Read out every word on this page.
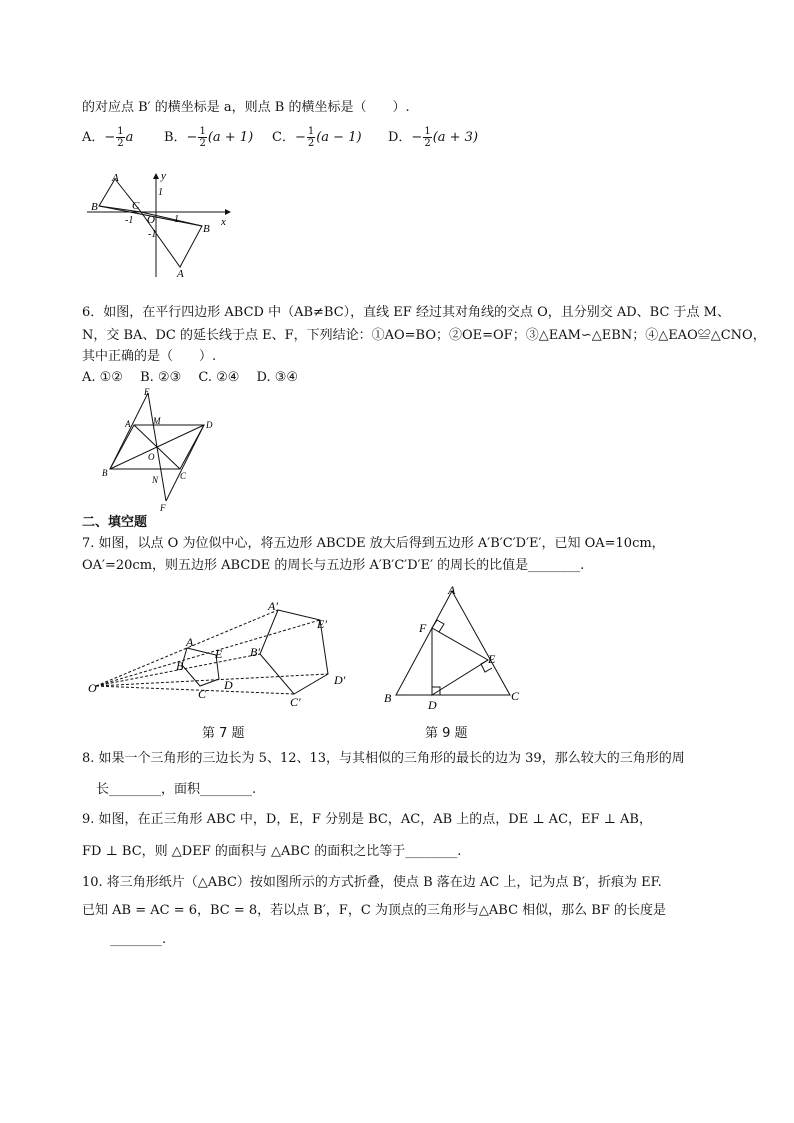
的对应点 B′ 的横坐标是 a，则点 B 的横坐标是（　　）.
A．− $\frac{1}{2}$ a B．− $\frac{1}{2} (a + 1)$ C．− $\frac{1}{2} (a - 1)$ D．− $\frac{1}{2} (a + 3)$
A
B	C
O
1
1
-1
-1
y
x
B
A
6．如图，在平行四边形 ABCD 中（AB≠BC），直线 EF 经过其对角线的交点 O，且分别交 AD、BC 于点 M、
N，交 BA、DC 的延长线于点 E、F，下列结论：①AO=BO；②OE=OF；③△EAM∽△EBN；④△EAO≌△CNO，
其中正确的是（　　）.
A. ①②　 B. ②③　 C. ②④　 D. ③④
E
A	M	D
O
B	C
N
F
二、填空题
7. 如图，以点 O 为位似中心，将五边形 ABCDE 放大后得到五边形 A′B′C′D′E′，已知 OA=10cm，
OA′=20cm，则五边形 ABCDE 的周长与五边形 A′B′C′D′E′ 的周长的比值是________.
O
A
E
B
C
D
A′
E′
B′
D′
C′
第 7 题
A
F
E
B	D
C
第 9 题
8. 如果一个三角形的三边长为 5、12、13，与其相似的三角形的最长的边为 39，那么较大的三角形的周
长________，面积________.
9. 如图，在正三角形 ABC 中，D，E，F 分别是 BC，AC，AB 上的点，DE ⊥ AC，EF ⊥ AB，
FD ⊥ BC，则 △DEF 的面积与 △ABC 的面积之比等于________.
10. 将三角形纸片（△ABC）按如图所示的方式折叠，使点 B 落在边 AC 上，记为点 B′，折痕为 EF.
已知 AB = AC = 6，BC = 8，若以点 B′，F，C 为顶点的三角形与△ABC 相似，那么 BF 的长度是
________.
